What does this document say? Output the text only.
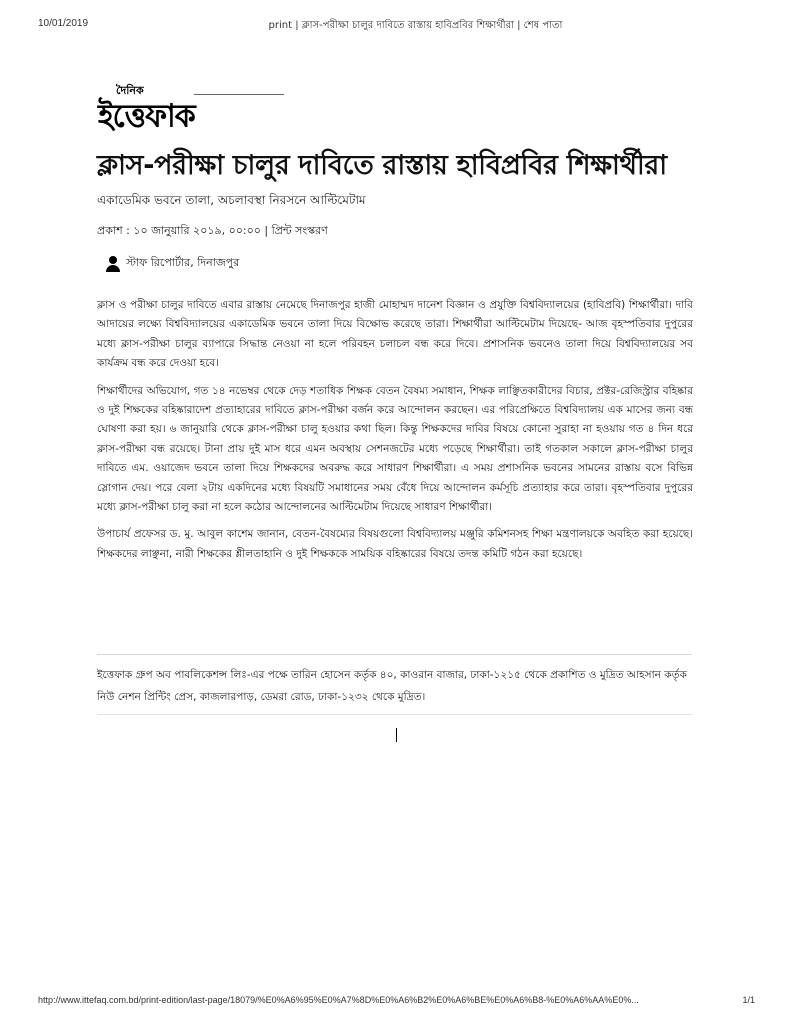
10/01/2019	print | ক্লাস-পরীক্ষা চালুর দাবিতে রাস্তায় হাবিপ্রবির শিক্ষার্থীরা | শেষ পাতা
দৈনিক
ইত্তেফাক
ক্লাস-পরীক্ষা চালুর দাবিতে রাস্তায় হাবিপ্রবির শিক্ষার্থীরা
একাডেমিক ভবনে তালা, অচলাবস্থা নিরসনে আল্টিমেটাম
প্রকাশ : ১০ জানুয়ারি ২০১৯, ০০:০০ | প্রিন্ট সংস্করণ
স্টাফ রিপোর্টার, দিনাজপুর

ক্লাস ও পরীক্ষা চালুর দাবিতে এবার রাস্তায় নেমেছে দিনাজপুর হাজী মোহাম্মদ দানেশ বিজ্ঞান ও প্রযুক্তি বিশ্ববিদ্যালয়ের (হাবিপ্রবি) শিক্ষার্থীরা। দাবি আদায়ের লক্ষ্যে বিশ্ববিদ্যালয়ের একাডেমিক ভবনে তালা দিয়ে বিক্ষোভ করেছে তারা। শিক্ষার্থীরা আল্টিমেটাম দিয়েছে- আজ বৃহস্পতিবার দুপুরের মধ্যে ক্লাস-পরীক্ষা চালুর ব্যাপারে সিদ্ধান্ত নেওয়া না হলে পরিবহন চলাচল বন্ধ করে দিবে। প্রশাসনিক ভবনেও তালা দিয়ে বিশ্ববিদ্যালয়ের সব কার্যক্রম বন্ধ করে দেওয়া হবে।

শিক্ষার্থীদের অভিযোগ, গত ১৪ নভেম্বর থেকে দেড় শতাধিক শিক্ষক বেতন বৈষম্য সমাধান, শিক্ষক লাঞ্ছিতকারীদের বিচার, প্রক্টর-রেজিস্ট্রার বহিষ্কার ও দুই শিক্ষকের বহিষ্কারাদেশ প্রত্যাহারের দাবিতে ক্লাস-পরীক্ষা বর্জন করে আন্দোলন করছেন। এর পরিপ্রেক্ষিতে বিশ্ববিদ্যালয় এক মাসের জন্য বন্ধ ঘোষণা করা হয়। ৬ জানুয়ারি থেকে ক্লাস-পরীক্ষা চালু হওয়ার কথা ছিল। কিন্তু শিক্ষকদের দাবির বিষয়ে কোনো সুরাহা না হওয়ায় গত ৪ দিন ধরে ক্লাস-পরীক্ষা বন্ধ রয়েছে। টানা প্রায় দুই মাস ধরে এমন অবস্থায় সেশনজটের মধ্যে পড়েছে শিক্ষার্থীরা। তাই গতকাল সকালে ক্লাস-পরীক্ষা চালুর দাবিতে এম. ওয়াজেদ ভবনে তালা দিয়ে শিক্ষকদের অবরুদ্ধ করে সাধারণ শিক্ষার্থীরা। এ সময় প্রশাসনিক ভবনের সামনের রাস্তায় বসে বিভিন্ন স্লোগান দেয়। পরে বেলা ২টায় একদিনের মধ্যে বিষয়টি সমাধানের সময় বেঁধে দিয়ে আন্দোলন কর্মসূচি প্রত্যাহার করে তারা। বৃহস্পতিবার দুপুরের মধ্যে ক্লাস-পরীক্ষা চালু করা না হলে কঠোর আন্দোলনের আল্টিমেটাম দিয়েছে সাধারণ শিক্ষার্থীরা।

উপাচার্য প্রফেসর ড. মু. আবুল কাশেম জানান, বেতন-বৈষম্যের বিষয়গুলো বিশ্ববিদ্যালয় মঞ্জুরি কমিশনসহ শিক্ষা মন্ত্রণালয়কে অবহিত করা হয়েছে। শিক্ষকদের লাঞ্ছনা, নারী শিক্ষকের শ্লীলতাহানি ও দুই শিক্ষককে সাময়িক বহিষ্কারের বিষয়ে তদন্ত কমিটি গঠন করা হয়েছে।

ইত্তেফাক গ্রুপ অব পাবলিকেশন্স লিঃ-এর পক্ষে তারিন হোসেন কর্তৃক ৪০, কাওরান বাজার, ঢাকা-১২১৫ থেকে প্রকাশিত ও মুদ্রিত আহসান কর্তৃক নিউ নেশন প্রিন্টিং প্রেস, কাজলারপাড়, ডেমরা রোড, ঢাকা-১২৩২ থেকে মুদ্রিত।
http://www.ittefaq.com.bd/print-edition/last-page/18079/%E0%A6%95%E0%A7%8D%E0%A6%B2%E0%A6%BE%E0%A6%B8-%E0%A6%AA%E0%...	1/1
